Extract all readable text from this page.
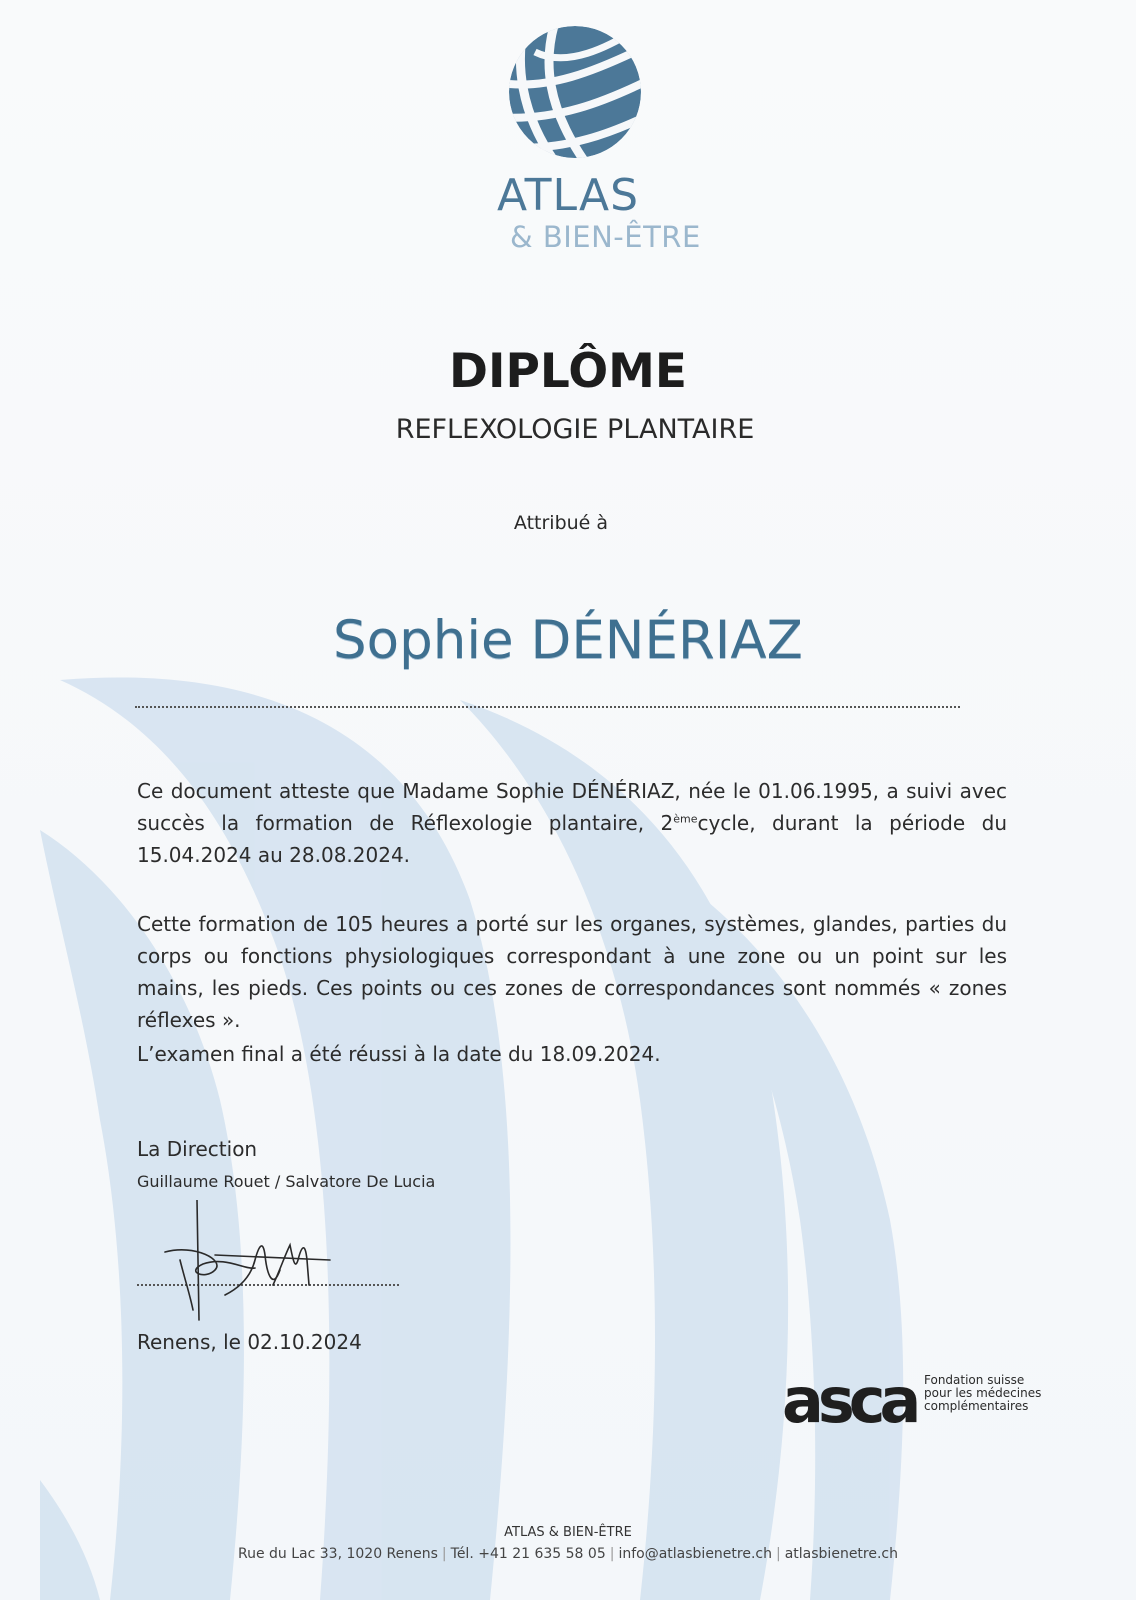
ATLAS
& BIEN-ÊTRE
DIPLÔME
REFLEXOLOGIE PLANTAIRE
Attribué à
Sophie DÉNÉRIAZ
Ce document atteste que Madame Sophie DÉNÉRIAZ, née le 01.06.1995, a suivi avec succès la formation de Réflexologie plantaire, 2èmecycle, durant la période du 15.04.2024 au 28.08.2024.
Cette formation de 105 heures a porté sur les organes, systèmes, glandes, parties du corps ou fonctions physiologiques correspondant à une zone ou un point sur les mains, les pieds. Ces points ou ces zones de correspondances sont nommés « zones réflexes ».
L’examen final a été réussi à la date du 18.09.2024.
La Direction
Guillaume Rouet / Salvatore De Lucia
Renens, le 02.10.2024
asca Fondation suisse
pour les médecines
complémentaires
ATLAS & BIEN-ÊTRE
Rue du Lac 33, 1020 Renens | Tél. +41 21 635 58 05 | info@atlasbienetre.ch | atlasbienetre.ch
